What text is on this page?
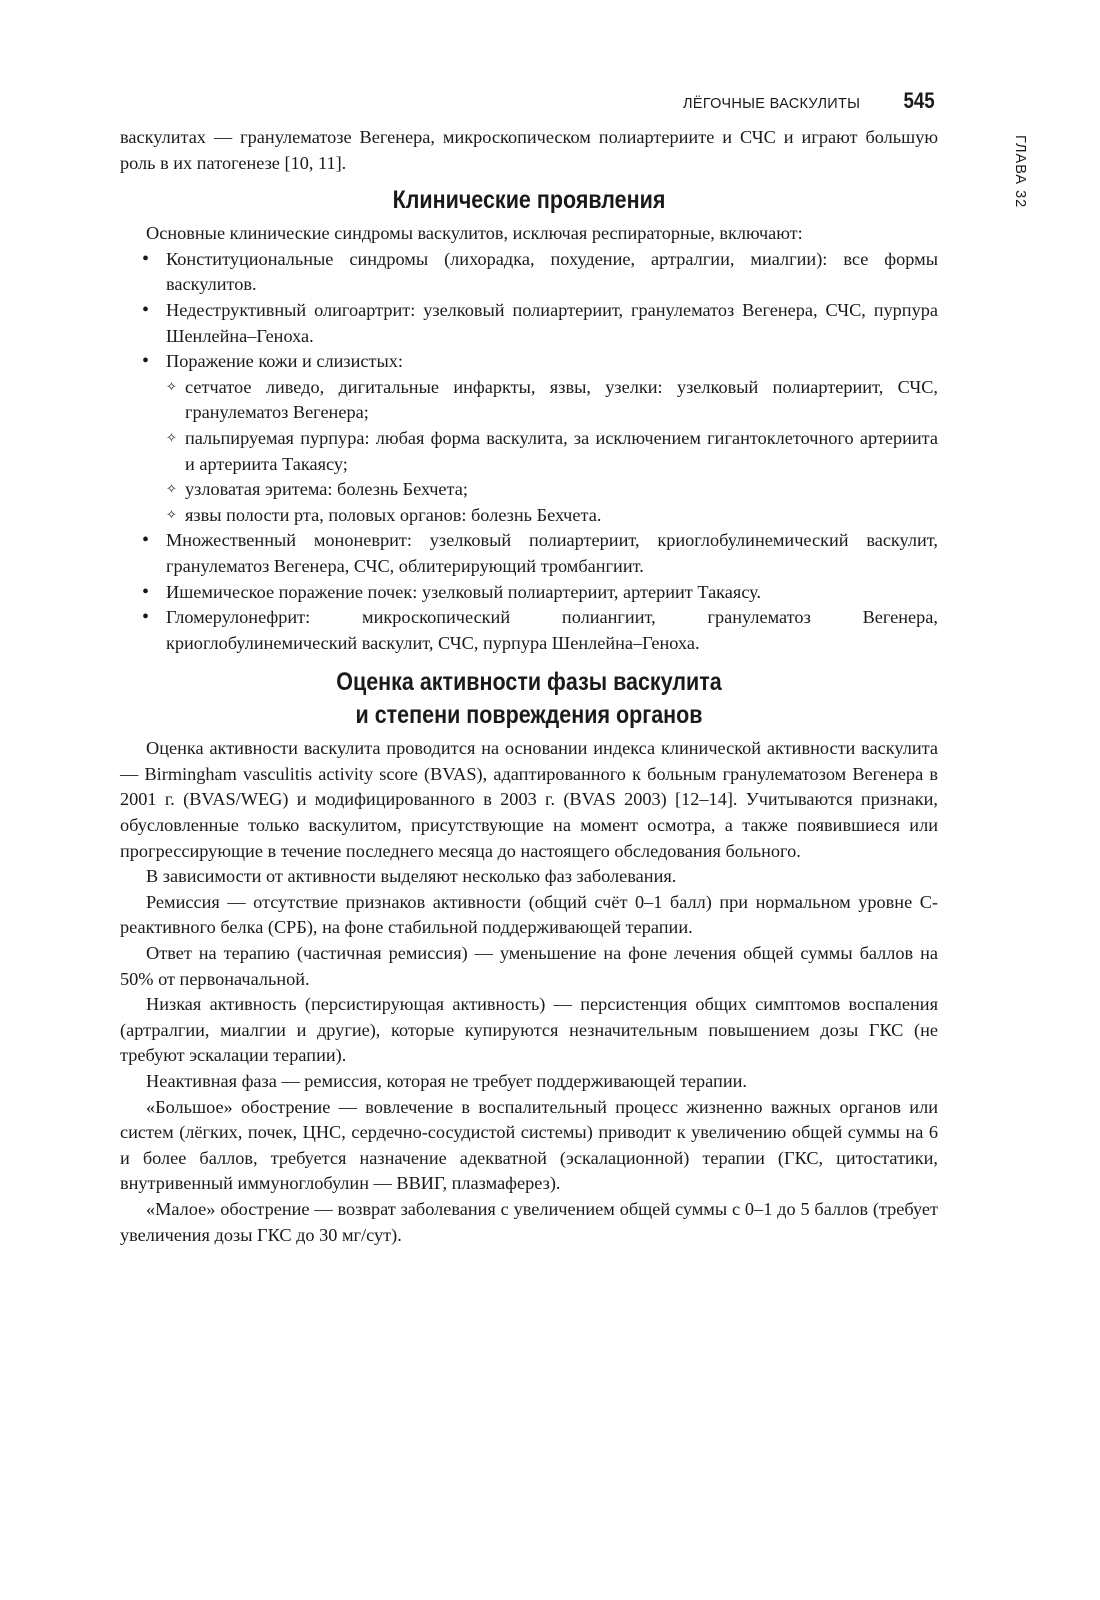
ЛЁГОЧНЫЕ ВАСКУЛИТЫ 545
ГЛАВА 32

васкулитах — гранулематозе Вегенера, микроскопическом полиартериите и СЧС и играют большую роль в их патогенезе [10, 11].

Клинические проявления

Основные клинические синдромы васкулитов, исключая респираторные, включают:

• Конституциональные синдромы (лихорадка, похудение, артралгии, миалгии): все формы васкулитов.
• Недеструктивный олигоартрит: узелковый полиартериит, гранулематоз Вегенера, СЧС, пурпура Шенлейна–Геноха.
• Поражение кожи и слизистых:
✧ сетчатое ливедо, дигитальные инфаркты, язвы, узелки: узелковый полиартериит, СЧС, гранулематоз Вегенера;
✧ пальпируемая пурпура: любая форма васкулита, за исключением гигантоклеточного артериита и артериита Такаясу;
✧ узловатая эритема: болезнь Бехчета;
✧ язвы полости рта, половых органов: болезнь Бехчета.
• Множественный мононеврит: узелковый полиартериит, криоглобулинемический васкулит, гранулематоз Вегенера, СЧС, облитерирующий тромбангиит.
• Ишемическое поражение почек: узелковый полиартериит, артериит Такаясу.
• Гломерулонефрит: микроскопический полиангиит, гранулематоз Вегенера, криоглобулинемический васкулит, СЧС, пурпура Шенлейна–Геноха.
Оценка активности фазы васкулита
и степени повреждения органов

Оценка активности васкулита проводится на основании индекса клинической активности васкулита — Birmingham vasculitis activity score (BVAS), адаптированного к больным гранулематозом Вегенера в 2001 г. (BVAS/WEG) и модифицированного в 2003 г. (BVAS 2003) [12–14]. Учитываются признаки, обусловленные только васкулитом, присутствующие на момент осмотра, а также появившиеся или прогрессирующие в течение последнего месяца до настоящего обследования больного.

В зависимости от активности выделяют несколько фаз заболевания.

Ремиссия — отсутствие признаков активности (общий счёт 0–1 балл) при нормальном уровне С-реактивного белка (СРБ), на фоне стабильной поддерживающей терапии.

Ответ на терапию (частичная ремиссия) — уменьшение на фоне лечения общей суммы баллов на 50% от первоначальной.

Низкая активность (персистирующая активность) — персистенция общих симптомов воспаления (артралгии, миалгии и другие), которые купируются незначительным повышением дозы ГКС (не требуют эскалации терапии).

Неактивная фаза — ремиссия, которая не требует поддерживающей терапии.

«Большое» обострение — вовлечение в воспалительный процесс жизненно важных органов или систем (лёгких, почек, ЦНС, сердечно-сосудистой системы) приводит к увеличению общей суммы на 6 и более баллов, требуется назначение адекватной (эскалационной) терапии (ГКС, цитостатики, внутривенный иммуноглобулин — ВВИГ, плазмаферез).

«Малое» обострение — возврат заболевания с увеличением общей суммы с 0–1 до 5 баллов (требует увеличения дозы ГКС до 30 мг/сут).
